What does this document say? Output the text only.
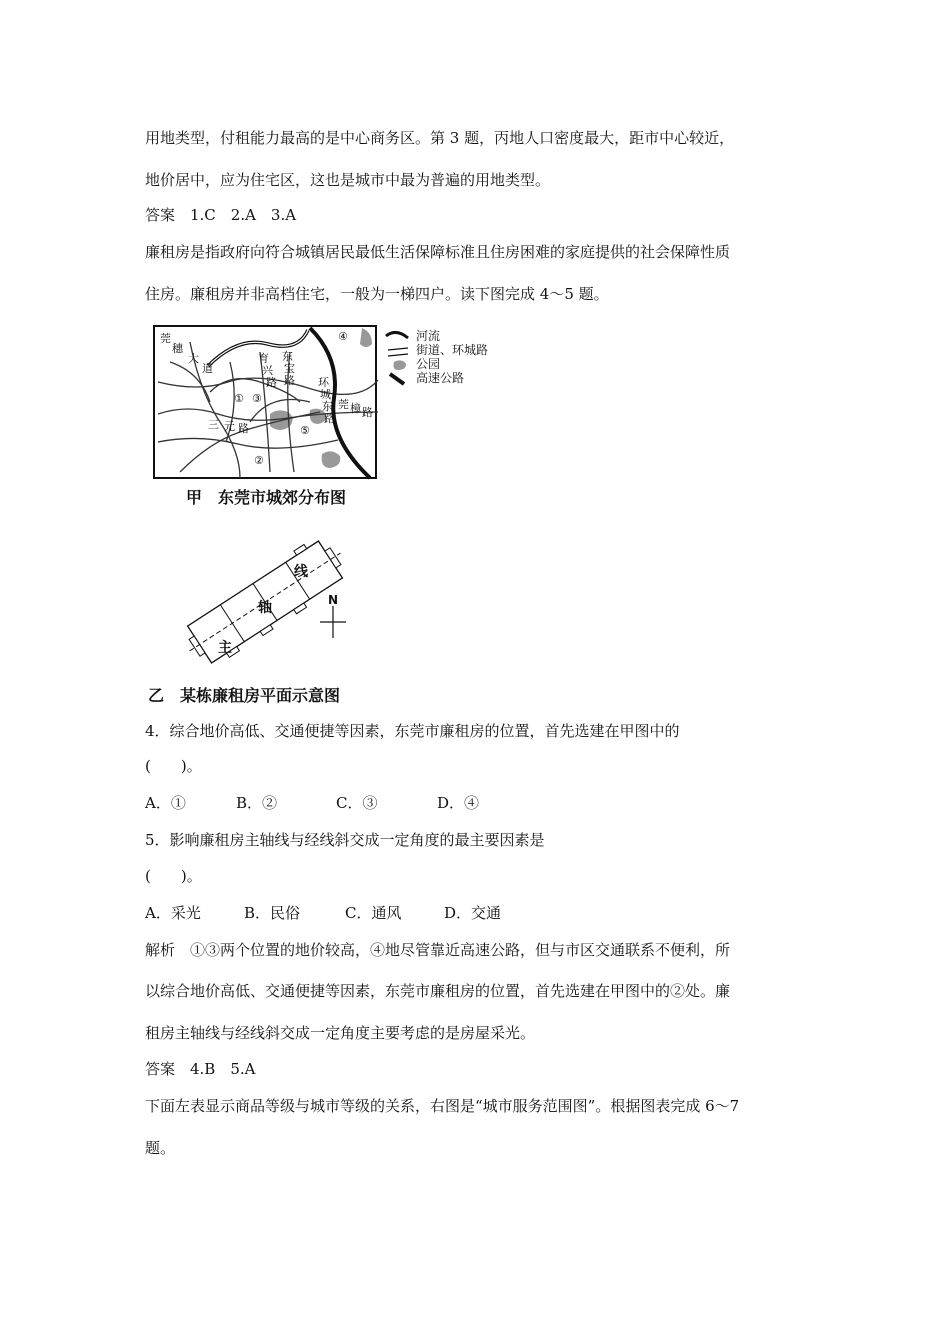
用地类型，付租能力最高的是中心商务区。第 3 题，丙地人口密度最大，距市中心较近，
地价居中，应为住宅区，这也是城市中最为普遍的用地类型。
答案　1.C　2.A　3.A
廉租房是指政府向符合城镇居民最低生活保障标准且住房困难的家庭提供的社会保障性质
住房。廉租房并非高档住宅，一般为一梯四户。读下图完成 4～5 题。
莞
穗
大
道
育
兴
路
东
宝
路 环
城
东
路
莞 樟 路
三 元 路
①
②
③
④
⑤
河流
街道、环城路
公园
高速公路
甲　东莞市城郊分布图
线
轴
主
N
乙　某栋廉租房平面示意图
4．综合地价高低、交通便捷等因素，东莞市廉租房的位置，首先选建在甲图中的
(　　)。
A．①	B．②	C．③	D．④
5．影响廉租房主轴线与经线斜交成一定角度的最主要因素是
(　　)。
A．采光	B．民俗	C．通风	D．交通
解析　①③两个位置的地价较高，④地尽管靠近高速公路，但与市区交通联系不便利，所
以综合地价高低、交通便捷等因素，东莞市廉租房的位置，首先选建在甲图中的②处。廉
租房主轴线与经线斜交成一定角度主要考虑的是房屋采光。
答案　4.B　5.A
下面左表显示商品等级与城市等级的关系，右图是“城市服务范围图”。根据图表完成 6～7
题。
